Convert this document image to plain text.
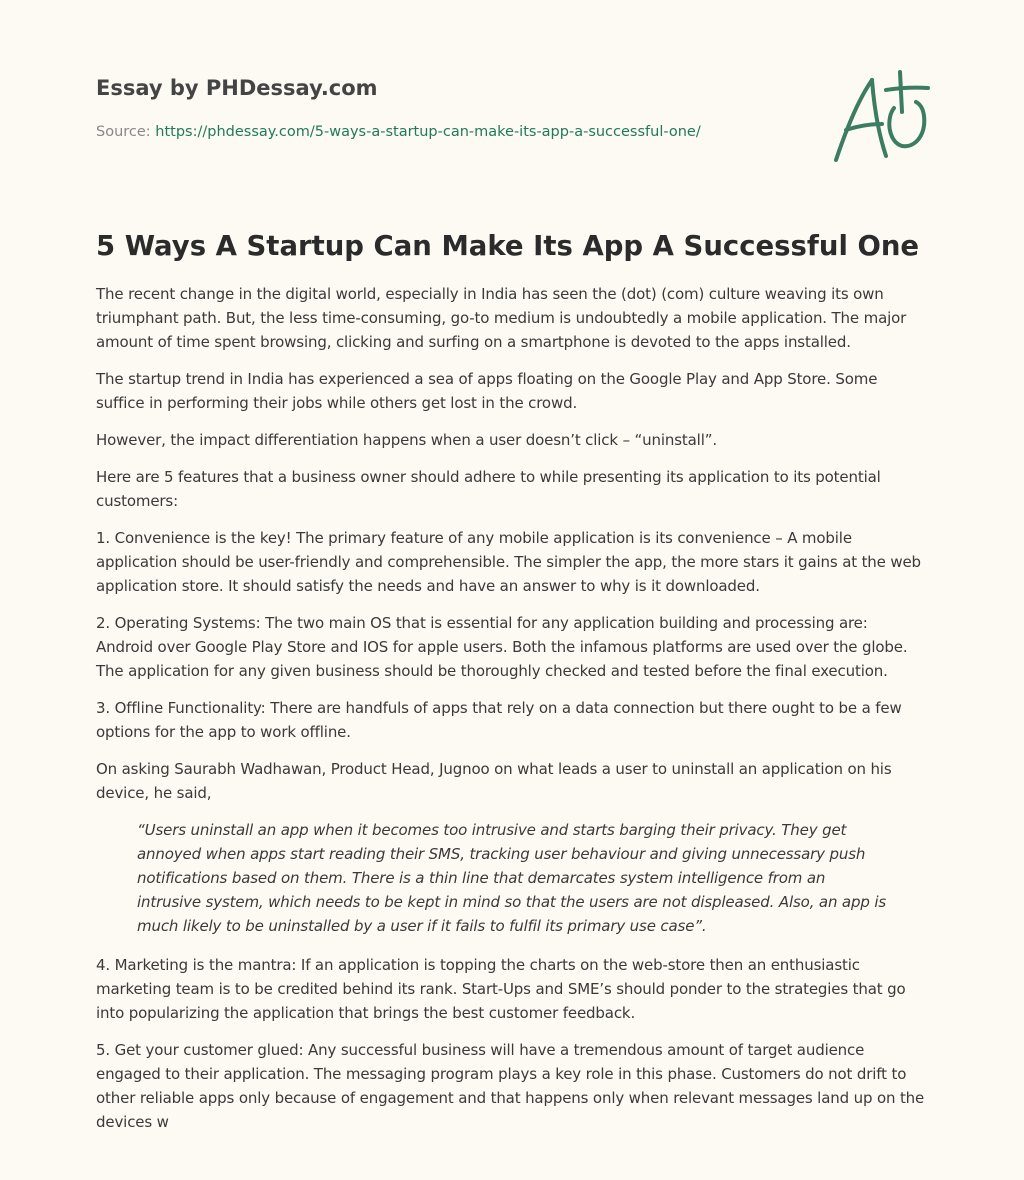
Essay by PHDessay.com
Source: https://phdessay.com/5-ways-a-startup-can-make-its-app-a-successful-one/
5 Ways A Startup Can Make Its App A Successful One

The recent change in the digital world, especially in India has seen the (dot) (com) culture weaving its own triumphant path. But, the less time-consuming, go-to medium is undoubtedly a mobile application. The major amount of time spent browsing, clicking and surfing on a smartphone is devoted to the apps installed.

The startup trend in India has experienced a sea of apps floating on the Google Play and App Store. Some suffice in performing their jobs while others get lost in the crowd.

However, the impact differentiation happens when a user doesn’t click – “uninstall”.

Here are 5 features that a business owner should adhere to while presenting its application to its potential customers:

1. Convenience is the key! The primary feature of any mobile application is its convenience – A mobile application should be user-friendly and comprehensible. The simpler the app, the more stars it gains at the web application store. It should satisfy the needs and have an answer to why is it downloaded.

2. Operating Systems: The two main OS that is essential for any application building and processing are: Android over Google Play Store and IOS for apple users. Both the infamous platforms are used over the globe. The application for any given business should be thoroughly checked and tested before the final execution.

3. Offline Functionality: There are handfuls of apps that rely on a data connection but there ought to be a few options for the app to work offline.

On asking Saurabh Wadhawan, Product Head, Jugnoo on what leads a user to uninstall an application on his device, he said,

“Users uninstall an app when it becomes too intrusive and starts barging their privacy. They get annoyed when apps start reading their SMS, tracking user behaviour and giving unnecessary push notifications based on them. There is a thin line that demarcates system intelligence from an intrusive system, which needs to be kept in mind so that the users are not displeased. Also, an app is much likely to be uninstalled by a user if it fails to fulfil its primary use case”.

4. Marketing is the mantra: If an application is topping the charts on the web-store then an enthusiastic marketing team is to be credited behind its rank. Start-Ups and SME’s should ponder to the strategies that go into popularizing the application that brings the best customer feedback.

5. Get your customer glued: Any successful business will have a tremendous amount of target audience engaged to their application. The messaging program plays a key role in this phase. Customers do not drift to other reliable apps only because of engagement and that happens only when relevant messages land up on the devices w
